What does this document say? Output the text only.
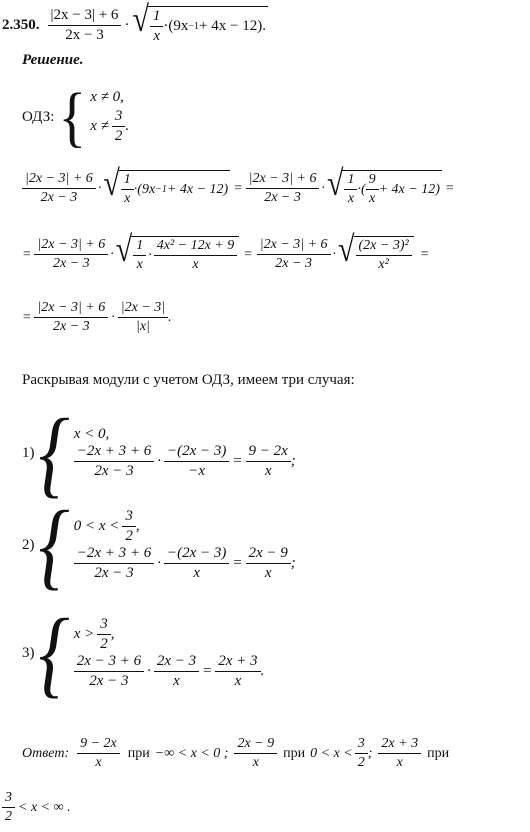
2.350.
|2x − 3| + 6
2x − 3
· √ 1
x
·(9x −1 + 4x − 12).
Решение.
ОДЗ: { x ≠ 0,
x ≠
3
2
.
|2x − 3| + 6
2x − 3
· √ 1
x
$\cdot(9x -1 + 4x - 12) = \frac{|2x - 3| + 6}{2x - 3}$ · √ 1
x
·(
9
x
+ 4x − 12) =
= $\frac{|2x - 3| + 6}{2x - 3}$ · √ 1
x
·
4x² − 12x + 9
x
= $\frac{|2x - 3| + 6}{2x - 3}$ · √ (2x − 3)²
x²
=
= $\frac{|2x - 3| + 6}{2x - 3}$ ·
|2x − 3|
|x|
.
Раскрывая модули с учетом ОДЗ, имеем три случая:
1) { x < 0,
−2x + 3 + 6
2x − 3
· $\frac{-(2x - 3)}{-x} = \frac{9 - 2x}{x}$ ;
2) { 0 < x <
3
2
,
−2x + 3 + 6
2x − 3
· $\frac{-(2x - 3)}{x} = \frac{2x - 9}{x}$ ;
3) { x >
3
2
,
2x − 3 + 6
2x − 3
· $\frac{2x - 3}{x} = \frac{2x + 3}{x}$ .
Ответ:
9 − 2x
x
при −∞ < x < 0 ;
2x − 9
x
при 0 < x <
3
2
;
2x + 3
x
при
3
2
< x < ∞ .
